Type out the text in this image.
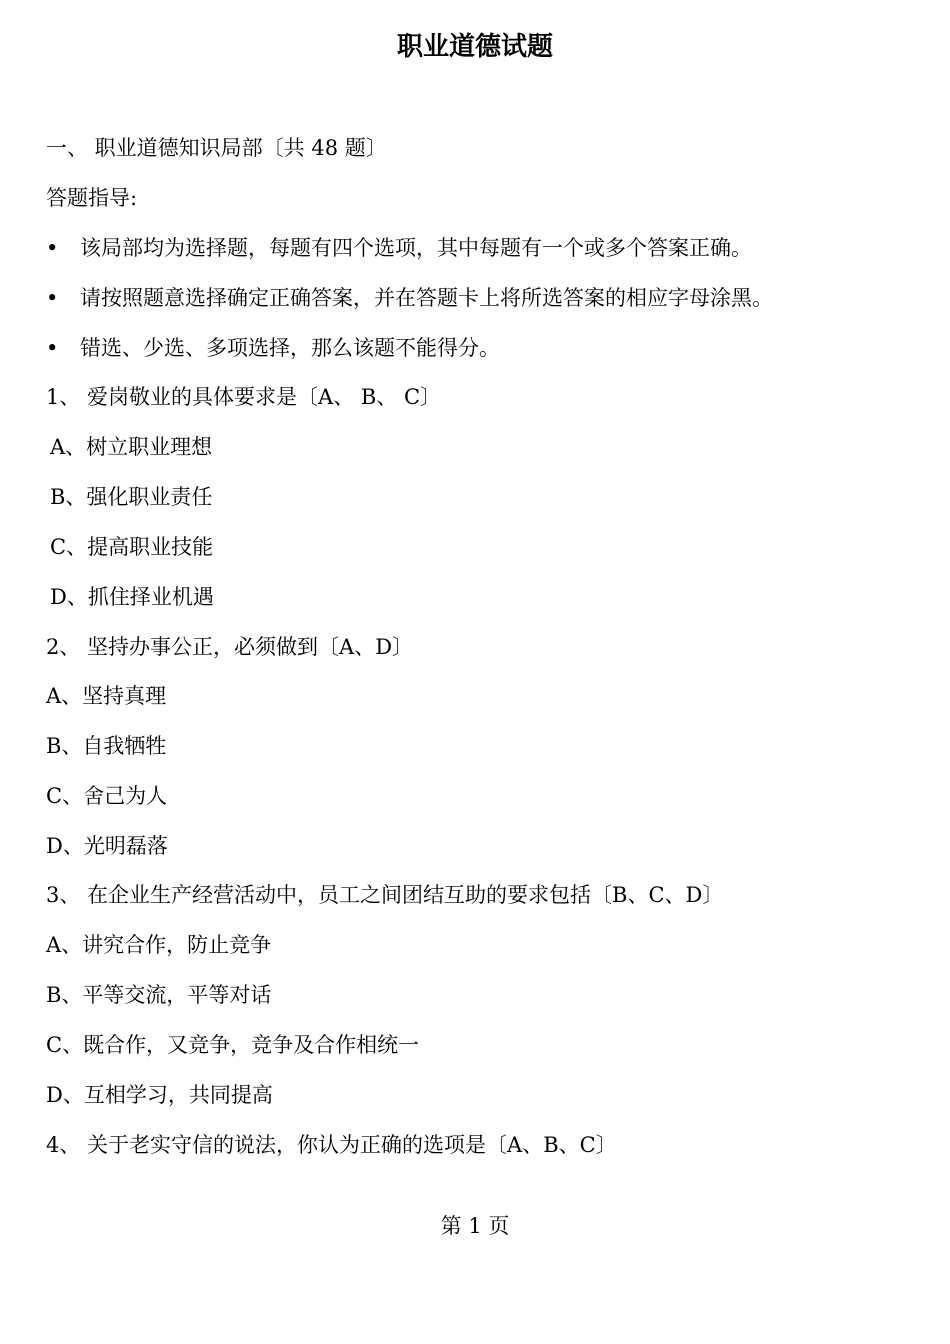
职业道德试题
一、 职业道德知识局部〔共 48 题〕
答题指导:
• 该局部均为选择题，每题有四个选项，其中每题有一个或多个答案正确。
• 请按照题意选择确定正确答案，并在答题卡上将所选答案的相应字母涂黑。
• 错选、少选、多项选择，那么该题不能得分。
1、 爱岗敬业的具体要求是〔A、 B、 C〕
A、树立职业理想
B、强化职业责任
C、提高职业技能
D、抓住择业机遇
2、 坚持办事公正，必须做到〔A、D〕
A、坚持真理
B、自我牺牲
C、舍己为人
D、光明磊落
3、 在企业生产经营活动中，员工之间团结互助的要求包括〔B、C、D〕
A、讲究合作，防止竞争
B、平等交流，平等对话
C、既合作，又竞争，竞争及合作相统一
D、互相学习，共同提高
4、 关于老实守信的说法，你认为正确的选项是〔A、B、C〕
第 1 页
